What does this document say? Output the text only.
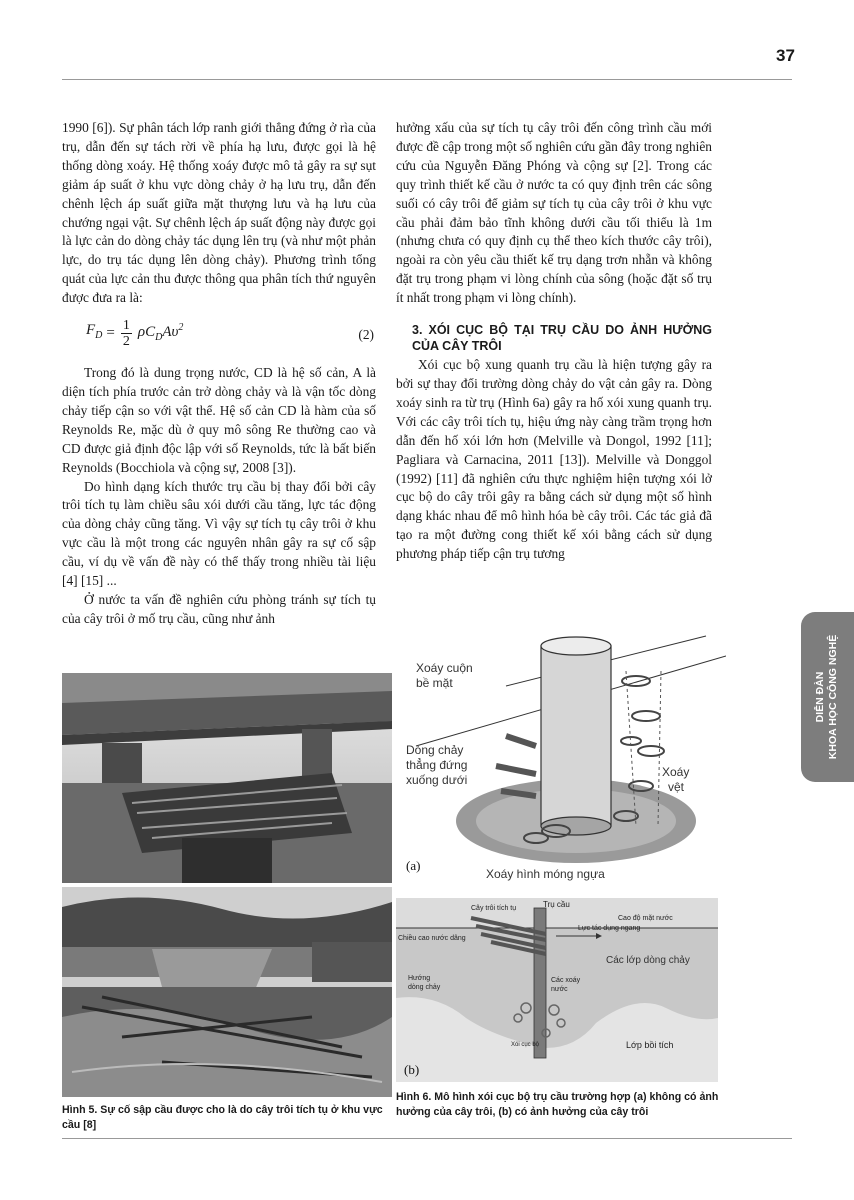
37

1990 [6]). Sự phân tách lớp ranh giới thẳng đứng ở rìa của trụ, dẫn đến sự tách rời về phía hạ lưu, được gọi là hệ thống dòng xoáy. Hệ thống xoáy được mô tả gây ra sự sụt giảm áp suất ở khu vực dòng chảy ở hạ lưu trụ, dẫn đến chênh lệch áp suất giữa mặt thượng lưu và hạ lưu của chướng ngại vật. Sự chênh lệch áp suất động này được gọi là lực cản do dòng chảy tác dụng lên trụ (và như một phản lực, do trụ tác dụng lên dòng chảy). Phương trình tổng quát của lực cản thu được thông qua phân tích thứ nguyên được đưa ra là:

$F_D = \frac{1}{2} \rho C_DA\upsilon^2$	(2)

Trong đó là dung trọng nước, CD là hệ số cản, A là diện tích phía trước cản trở dòng chảy và là vận tốc dòng chảy tiếp cận so với vật thể. Hệ số cản CD là hàm của số Reynolds Re, mặc dù ở quy mô sông Re thường cao và CD được giả định độc lập với số Reynolds, tức là bất biến Reynolds (Bocchiola và cộng sự, 2008 [3]).

Do hình dạng kích thước trụ cầu bị thay đổi bởi cây trôi tích tụ làm chiều sâu xói dưới cầu tăng, lực tác động của dòng chảy cũng tăng. Vì vậy sự tích tụ cây trôi ở khu vực cầu là một trong các nguyên nhân gây ra sự cố sập cầu, ví dụ về vấn đề này có thể thấy trong nhiều tài liệu [4] [15] ...

Ở nước ta vấn đề nghiên cứu phòng tránh sự tích tụ của cây trôi ở mố trụ cầu, cũng như ảnh

hưởng xấu của sự tích tụ cây trôi đến công trình cầu mới được đề cập trong một số nghiên cứu gần đây trong nghiên cứu của Nguyễn Đăng Phóng và cộng sự [2]. Trong các quy trình thiết kế cầu ở nước ta có quy định trên các sông suối có cây trôi để giảm sự tích tụ của cây trôi ở khu vực cầu phải đảm bảo tĩnh không dưới cầu tối thiểu là 1m (nhưng chưa có quy định cụ thể theo kích thước cây trôi), ngoài ra còn yêu cầu thiết kế trụ dạng trơn nhẵn và không đặt trụ trong phạm vi lòng chính của sông (hoặc đặt số trụ ít nhất trong phạm vi lòng chính).

3. XÓI CỤC BỘ TẠI TRỤ CẦU DO ẢNH HƯỞNG CỦA CÂY TRÔI

Xói cục bộ xung quanh trụ cầu là hiện tượng gây ra bởi sự thay đổi trường dòng chảy do vật cản gây ra. Dòng xoáy sinh ra từ trụ (Hình 6a) gây ra hố xói xung quanh trụ. Với các cây trôi tích tụ, hiệu ứng này càng trầm trọng hơn dẫn đến hố xói lớn hơn (Melville và Dongol, 1992 [11]; Pagliara và Carnacina, 2011 [13]). Melville và Donggol (1992) [11] đã nghiên cứu thực nghiệm hiện tượng xói lở cục bộ do cây trôi gây ra bằng cách sử dụng một số hình dạng khác nhau để mô hình hóa bè cây trôi. Các tác giả đã tạo ra một đường cong thiết kế xói bằng cách sử dụng phương pháp tiếp cận trụ tương

Hình 5. Sự cố sập cầu được cho là do cây trôi tích tụ ở khu vực cầu [8]
Xoáy cuộn
bề mặt
Dòng chảy
thẳng đứng
xuống dưới
Xoáy
vệt
Xoáy hình móng ngựa
(a)
Trụ cầu
Cây trôi tích tụ
Cao độ mặt nước
Chiều cao nước dâng
Lực tác dụng ngang
Các lớp dòng chảy
Hướng
dòng chảy
Các xoáy
nước
Xói cục bộ	Lớp bồi tích
(b)
Hình 6. Mô hình xói cục bộ trụ cầu trường hợp (a) không có ảnh hưởng của cây trôi, (b) có ảnh hưởng của cây trôi
DIỄN ĐÀN KHOA HỌC CÔNG NGHỆ
